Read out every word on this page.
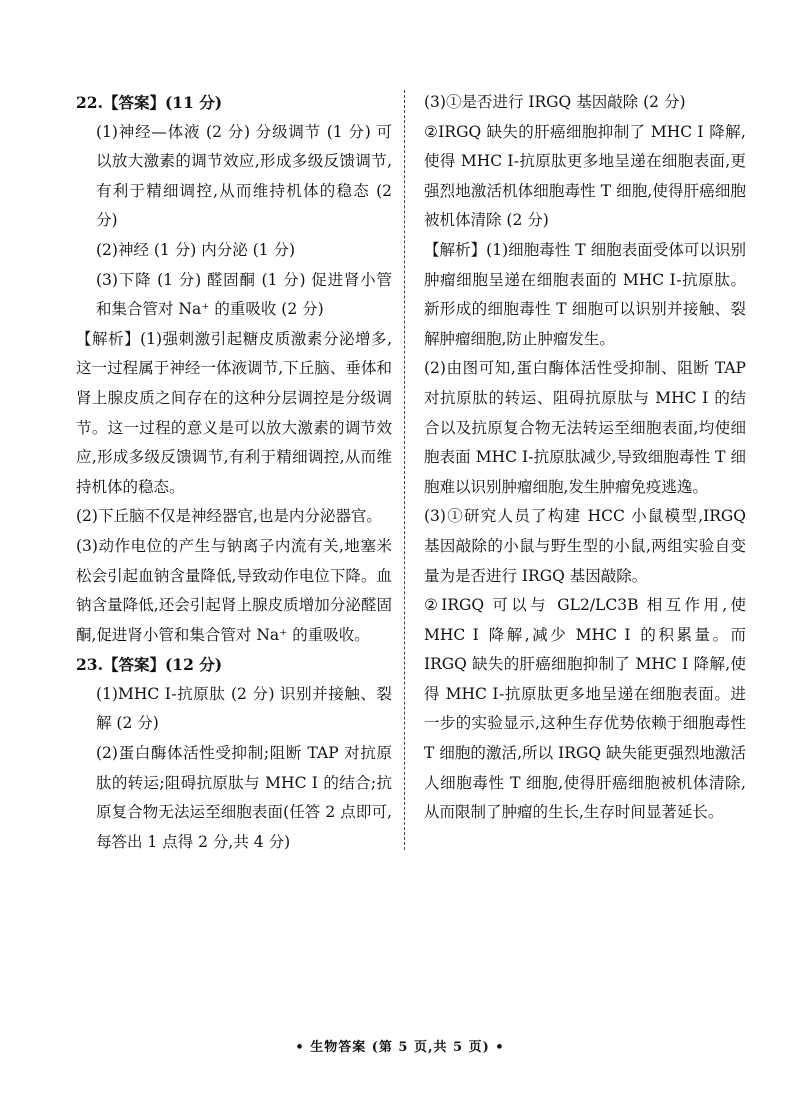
22.【答案】(11 分)

(1)神经—体液 (2 分) 分级调节 (1 分) 可以放大激素的调节效应,形成多级反馈调节,有利于精细调控,从而维持机体的稳态 (2 分)

(2)神经 (1 分) 内分泌 (1 分)

(3)下降 (1 分) 醛固酮 (1 分) 促进肾小管和集合管对 Na⁺ 的重吸收 (2 分)

【解析】(1)强刺激引起糖皮质激素分泌增多,这一过程属于神经一体液调节,下丘脑、垂体和肾上腺皮质之间存在的这种分层调控是分级调节。这一过程的意义是可以放大激素的调节效应,形成多级反馈调节,有利于精细调控,从而维持机体的稳态。

(2)下丘脑不仅是神经器官,也是内分泌器官。

(3)动作电位的产生与钠离子内流有关,地塞米松会引起血钠含量降低,导致动作电位下降。血钠含量降低,还会引起肾上腺皮质增加分泌醛固酮,促进肾小管和集合管对 Na⁺ 的重吸收。

23.【答案】(12 分)

(1)MHC Ⅰ-抗原肽 (2 分) 识别并接触、裂解 (2 分)

(2)蛋白酶体活性受抑制;阻断 TAP 对抗原肽的转运;阻碍抗原肽与 MHC Ⅰ 的结合;抗原复合物无法运至细胞表面(任答 2 点即可,每答出 1 点得 2 分,共 4 分)

(3)①是否进行 IRGQ 基因敲除 (2 分)

②IRGQ 缺失的肝癌细胞抑制了 MHC Ⅰ 降解,使得 MHC Ⅰ-抗原肽更多地呈递在细胞表面,更强烈地激活机体细胞毒性 T 细胞,使得肝癌细胞被机体清除 (2 分)

【解析】(1)细胞毒性 T 细胞表面受体可以识别肿瘤细胞呈递在细胞表面的 MHC Ⅰ-抗原肽。新形成的细胞毒性 T 细胞可以识别并接触、裂解肿瘤细胞,防止肿瘤发生。

(2)由图可知,蛋白酶体活性受抑制、阻断 TAP 对抗原肽的转运、阻碍抗原肽与 MHC Ⅰ 的结合以及抗原复合物无法转运至细胞表面,均使细胞表面 MHC Ⅰ-抗原肽减少,导致细胞毒性 T 细胞难以识别肿瘤细胞,发生肿瘤免疫逃逸。

(3)①研究人员了构建 HCC 小鼠模型,IRGQ 基因敲除的小鼠与野生型的小鼠,两组实验自变量为是否进行 IRGQ 基因敲除。

②IRGQ 可以与 GL2/LC3B 相互作用,使 MHC Ⅰ 降解,减少 MHC Ⅰ 的积累量。而 IRGQ 缺失的肝癌细胞抑制了 MHC Ⅰ 降解,使得 MHC Ⅰ-抗原肽更多地呈递在细胞表面。进一步的实验显示,这种生存优势依赖于细胞毒性 T 细胞的激活,所以 IRGQ 缺失能更强烈地激活人细胞毒性 T 细胞,使得肝癌细胞被机体清除,从而限制了肿瘤的生长,生存时间显著延长。

• 生物答案 (第 5 页,共 5 页) •
